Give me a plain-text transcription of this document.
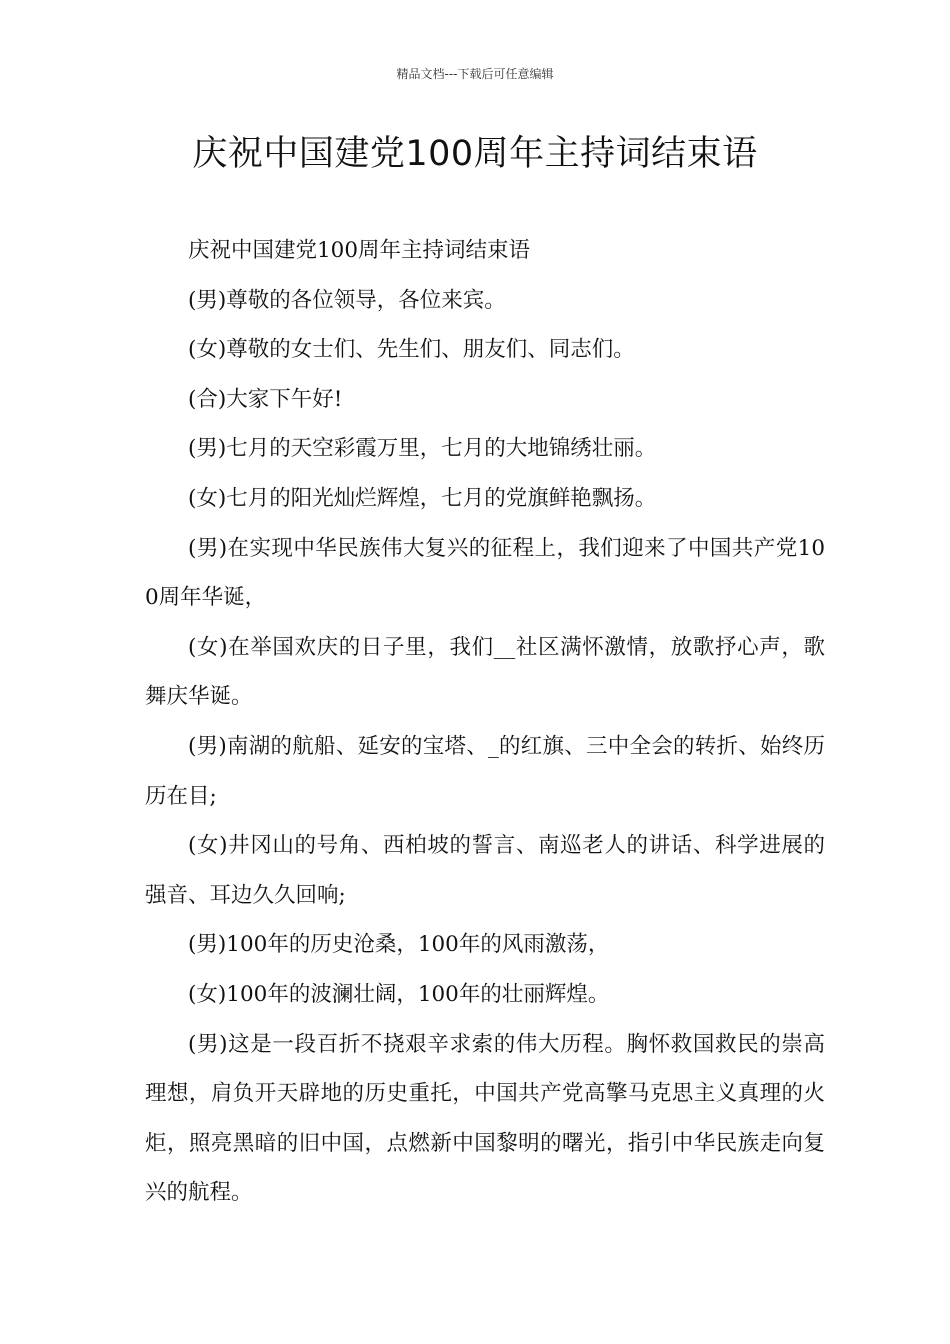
精品文档---下载后可任意编辑
庆祝中国建党100周年主持词结束语

庆祝中国建党100周年主持词结束语

(男)尊敬的各位领导，各位来宾。

(女)尊敬的女士们、先生们、朋友们、同志们。

(合)大家下午好!

(男)七月的天空彩霞万里，七月的大地锦绣壮丽。

(女)七月的阳光灿烂辉煌，七月的党旗鲜艳飘扬。

(男)在实现中华民族伟大复兴的征程上，我们迎来了中国共产党100周年华诞，

(女)在举国欢庆的日子里，我们__社区满怀激情，放歌抒心声，歌舞庆华诞。

(男)南湖的航船、延安的宝塔、_的红旗、三中全会的转折、始终历历在目;

(女)井冈山的号角、西柏坡的誓言、南巡老人的讲话、科学进展的强音、耳边久久回响;

(男)100年的历史沧桑，100年的风雨激荡，

(女)100年的波澜壮阔，100年的壮丽辉煌。

(男)这是一段百折不挠艰辛求索的伟大历程。胸怀救国救民的崇高理想，肩负开天辟地的历史重托，中国共产党高擎马克思主义真理的火炬，照亮黑暗的旧中国，点燃新中国黎明的曙光，指引中华民族走向复兴的航程。
